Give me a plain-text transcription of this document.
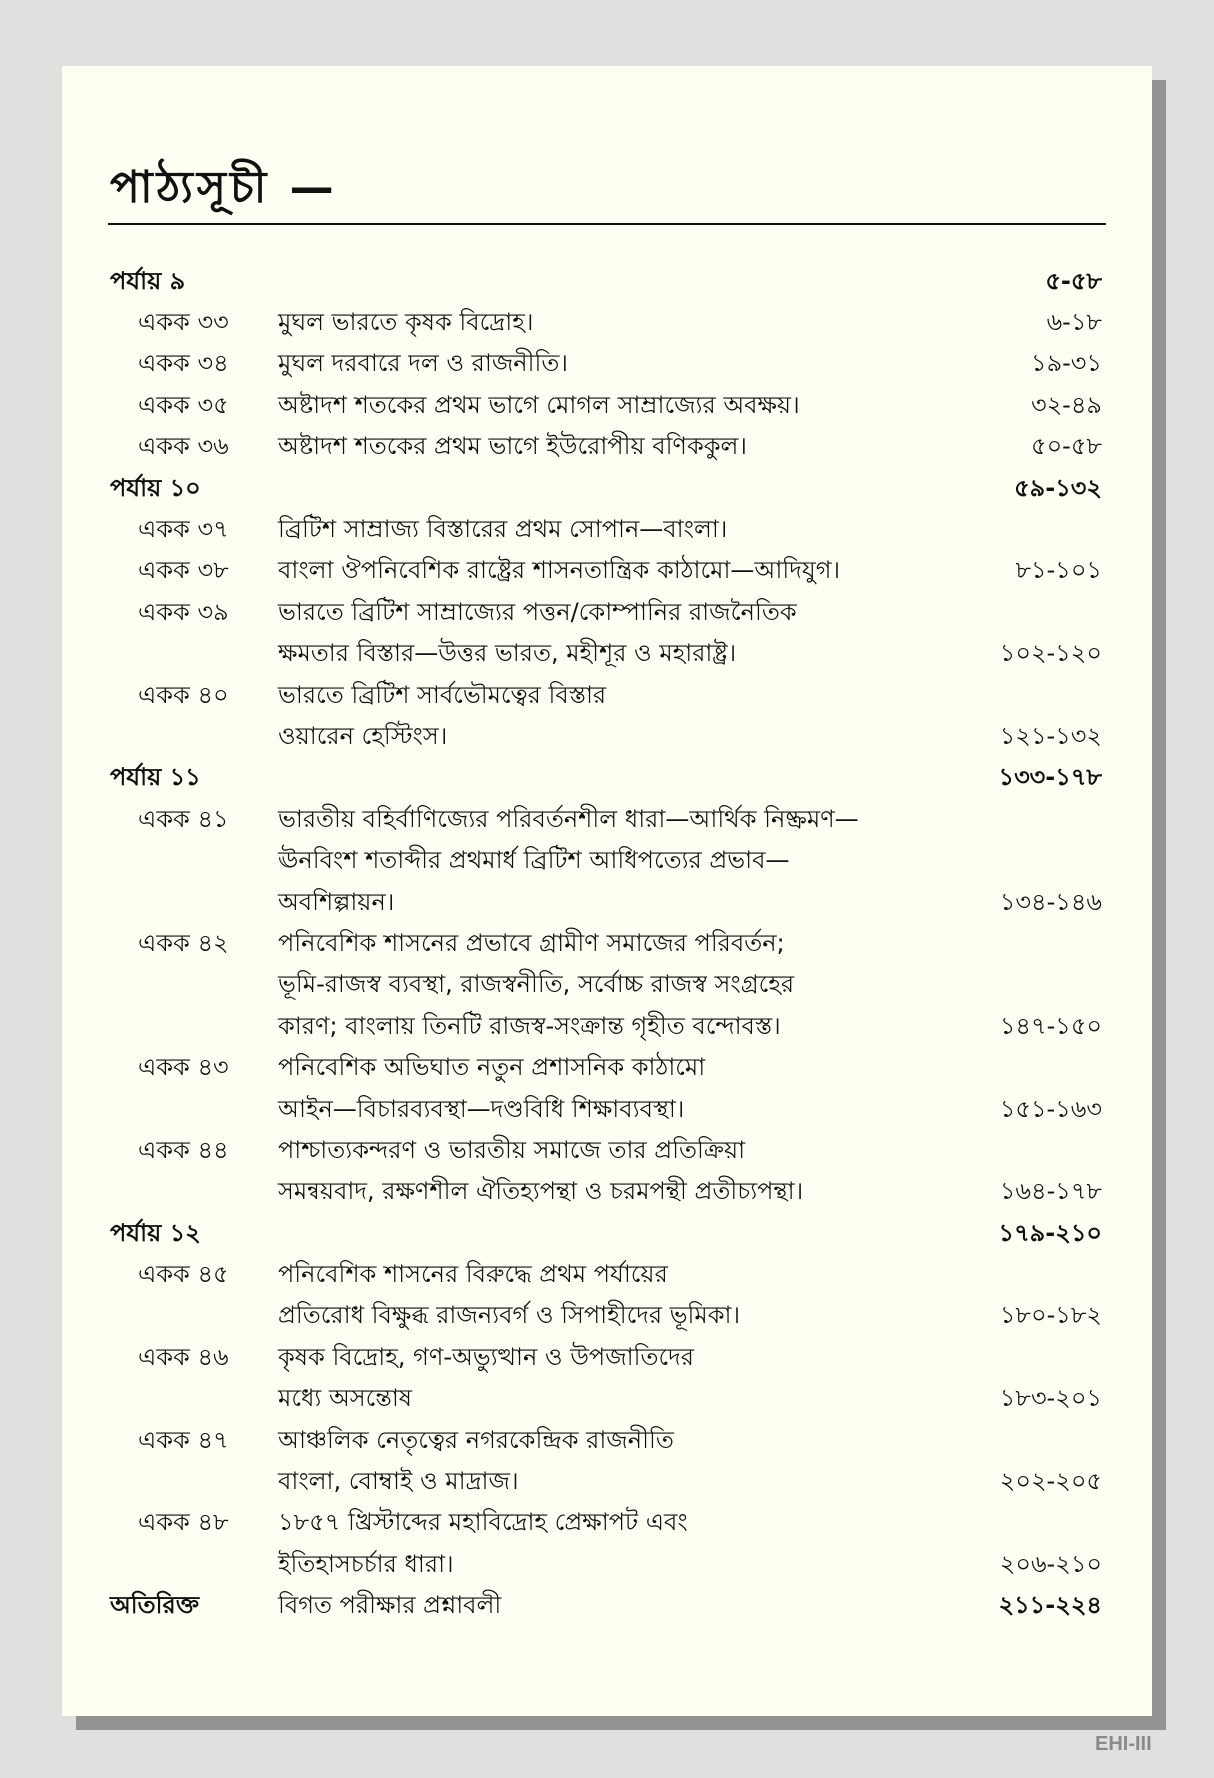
পাঠ্যসূচী —
পর্যায় ৯	৫-৫৮
একক ৩৩	মুঘল ভারতে কৃষক বিদ্রোহ।	৬-১৮
একক ৩৪	মুঘল দরবারে দল ও রাজনীতি।	১৯-৩১
একক ৩৫	অষ্টাদশ শতকের প্রথম ভাগে মোগল সাম্রাজ্যের অবক্ষয়।	৩২-৪৯
একক ৩৬	অষ্টাদশ শতকের প্রথম ভাগে ইউরোপীয় বণিককুল।	৫০-৫৮
পর্যায় ১০	৫৯-১৩২
একক ৩৭	ব্রিটিশ সাম্রাজ্য বিস্তারের প্রথম সোপান—বাংলা।
একক ৩৮	বাংলা ঔপনিবেশিক রাষ্ট্রের শাসনতান্ত্রিক কাঠামো—আদিযুগ।	৮১-১০১
একক ৩৯	ভারতে ব্রিটিশ সাম্রাজ্যের পত্তন/কোম্পানির রাজনৈতিক
ক্ষমতার বিস্তার—উত্তর ভারত, মহীশূর ও মহারাষ্ট্র।	১০২-১২০
একক ৪০	ভারতে ব্রিটিশ সার্বভৌমত্বের বিস্তার
ওয়ারেন হেস্টিংস।	১২১-১৩২
পর্যায় ১১	১৩৩-১৭৮
একক ৪১	ভারতীয় বহির্বাণিজ্যের পরিবর্তনশীল ধারা—আর্থিক নিষ্ক্রমণ—
ঊনবিংশ শতাব্দীর প্রথমার্ধ ব্রিটিশ আধিপত্যের প্রভাব—
অবশিল্পায়ন।	১৩৪-১৪৬
একক ৪২	পনিবেশিক শাসনের প্রভাবে গ্রামীণ সমাজের পরিবর্তন;
ভূমি-রাজস্ব ব্যবস্থা, রাজস্বনীতি, সর্বোচ্চ রাজস্ব সংগ্রহের
কারণ; বাংলায় তিনটি রাজস্ব-সংক্রান্ত গৃহীত বন্দোবস্ত।	১৪৭-১৫০
একক ৪৩	পনিবেশিক অভিঘাত নতুন প্রশাসনিক কাঠামো
আইন—বিচারব্যবস্থা—দণ্ডবিধি শিক্ষাব্যবস্থা।	১৫১-১৬৩
একক ৪৪	পাশ্চাত্যকন্দরণ ও ভারতীয় সমাজে তার প্রতিক্রিয়া
সমন্বয়বাদ, রক্ষণশীল ঐতিহ্যপন্থা ও চরমপন্থী প্রতীচ্যপন্থা।	১৬৪-১৭৮
পর্যায় ১২	১৭৯-২১০
একক ৪৫	পনিবেশিক শাসনের বিরুদ্ধে প্রথম পর্যায়ের
প্রতিরোধ বিক্ষুব্ধ রাজন্যবর্গ ও সিপাহীদের ভূমিকা।	১৮০-১৮২
একক ৪৬	কৃষক বিদ্রোহ, গণ-অভ্যুত্থান ও উপজাতিদের
মধ্যে অসন্তোষ	১৮৩-২০১
একক ৪৭	আঞ্চলিক নেতৃত্বের নগরকেন্দ্রিক রাজনীতি
বাংলা, বোম্বাই ও মাদ্রাজ।	২০২-২০৫
একক ৪৮	১৮৫৭ খ্রিস্টাব্দের মহাবিদ্রোহ প্রেক্ষাপট এবং
ইতিহাসচর্চার ধারা।	২০৬-২১০
অতিরিক্ত	বিগত পরীক্ষার প্রশ্নাবলী	২১১-২২৪
EHI-III
